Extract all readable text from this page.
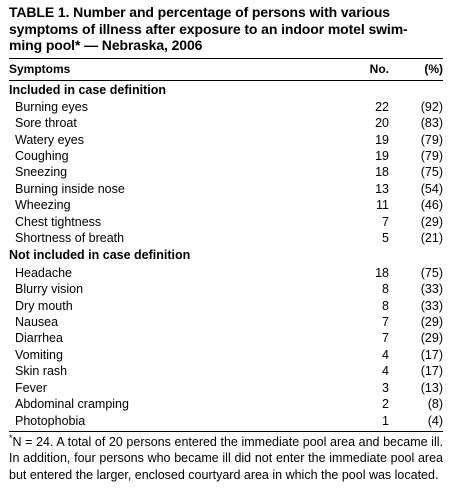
TABLE 1. Number and percentage of persons with various
symptoms of illness after exposure to an indoor motel swim-
ming pool* — Nebraska, 2006
Symptoms	No.	(%)
Included in case definition
Burning eyes	22	(92)
Sore throat	20	(83)
Watery eyes	19	(79)
Coughing	19	(79)
Sneezing	18	(75)
Burning inside nose	13	(54)
Wheezing	11	(46)
Chest tightness	7	(29)
Shortness of breath	5	(21)
Not included in case definition
Headache	18	(75)
Blurry vision	8	(33)
Dry mouth	8	(33)
Nausea	7	(29)
Diarrhea	7	(29)
Vomiting	4	(17)
Skin rash	4	(17)
Fever	3	(13)
Abdominal cramping	2	(8)
Photophobia	1	(4)
*N = 24. A total of 20 persons entered the immediate pool area and became ill. In addition, four persons who became ill did not enter the immediate pool area but entered the larger, enclosed courtyard area in which the pool was located.
